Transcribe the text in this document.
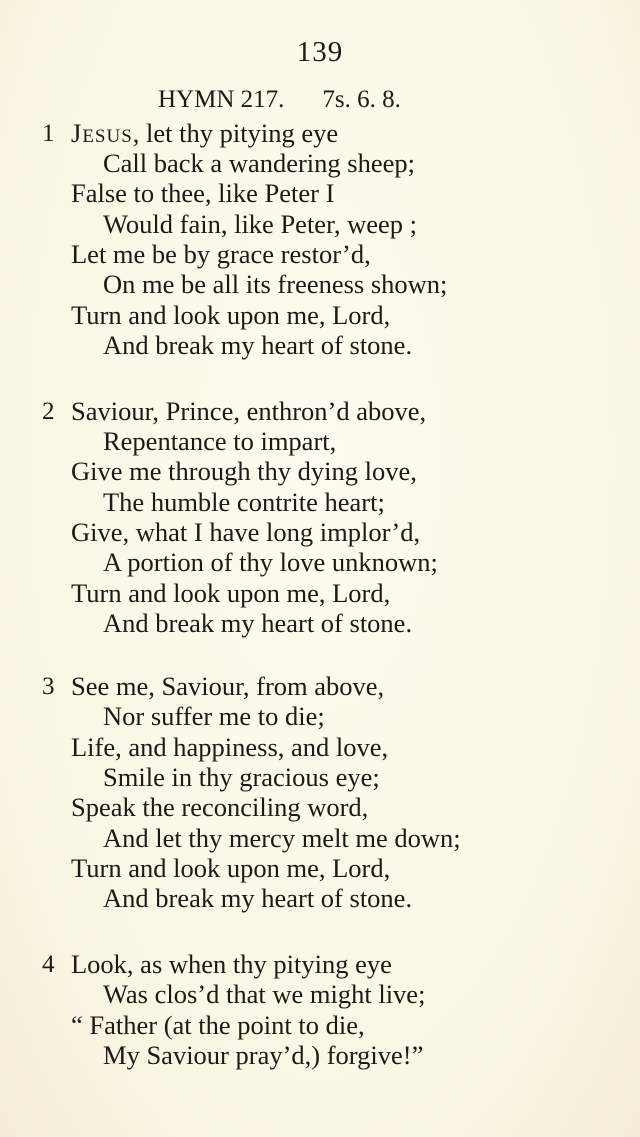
139
HYMN 217. 7s. 6. 8.
1 Jesus, let thy pitying eye
Call back a wandering sheep;
False to thee, like Peter I
Would fain, like Peter, weep ;
Let me be by grace restor’d,
On me be all its freeness shown;
Turn and look upon me, Lord,
And break my heart of stone.
2 Saviour, Prince, enthron’d above,
Repentance to impart,
Give me through thy dying love,
The humble contrite heart;
Give, what I have long implor’d,
A portion of thy love unknown;
Turn and look upon me, Lord,
And break my heart of stone.
3 See me, Saviour, from above,
Nor suffer me to die;
Life, and happiness, and love,
Smile in thy gracious eye;
Speak the reconciling word,
And let thy mercy melt me down;
Turn and look upon me, Lord,
And break my heart of stone.
4 Look, as when thy pitying eye
Was clos’d that we might live;
“ Father (at the point to die,
My Saviour pray’d,) forgive!”
